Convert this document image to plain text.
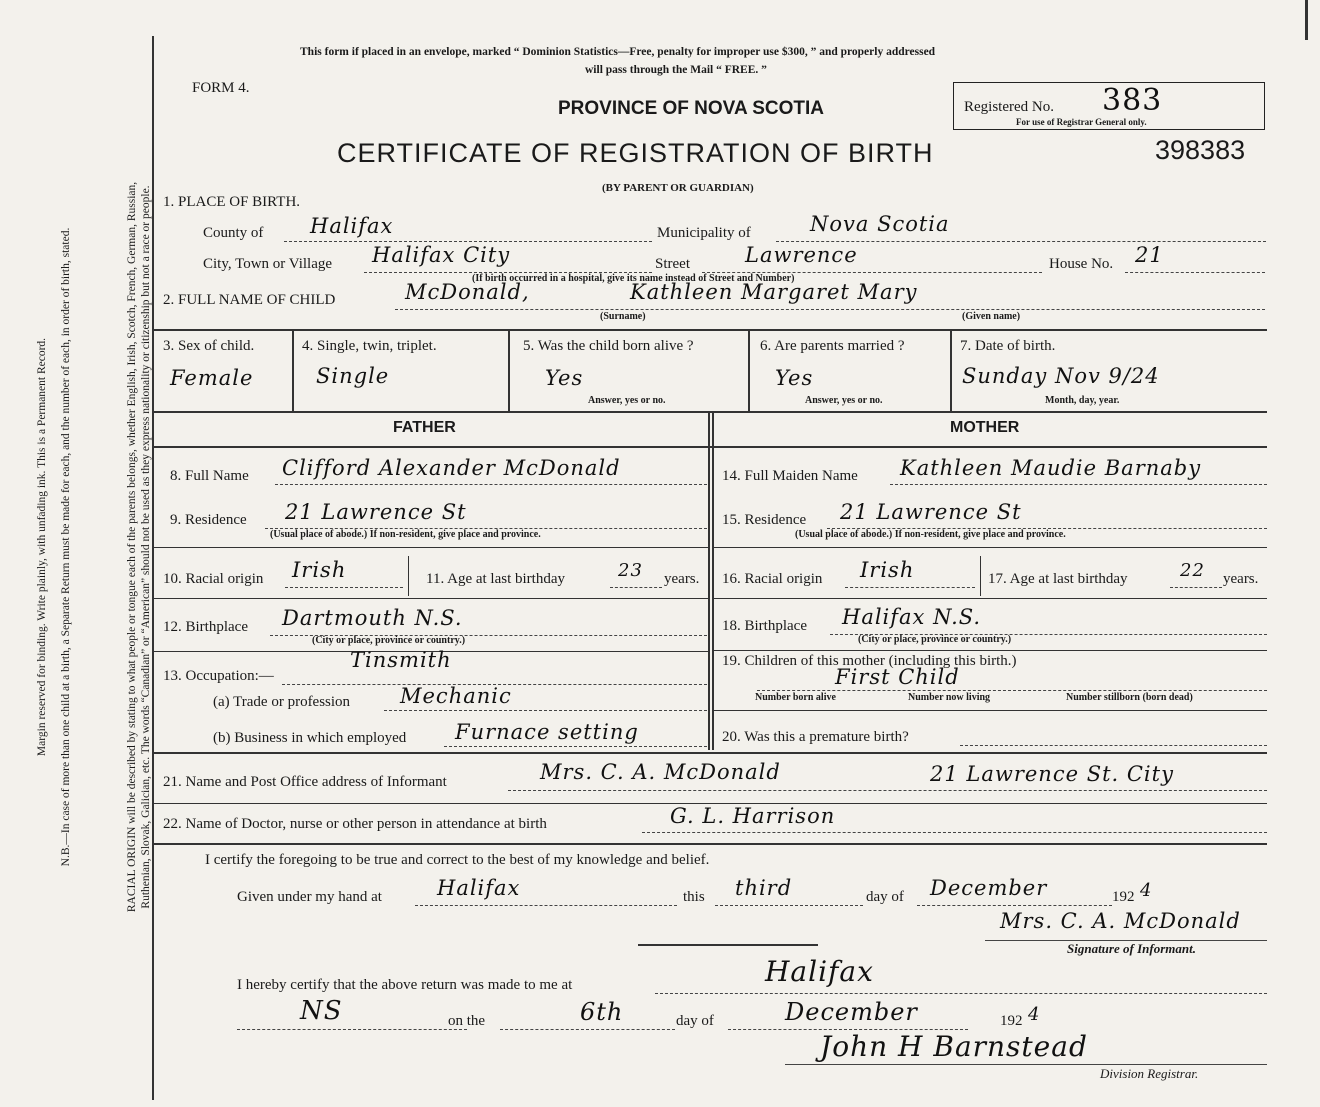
Margin reserved for binding. Write plainly, with unfading ink. This is a Permanent Record. N.B.—In case of more than one child at a birth, a Separate Return must be made for each, and the number of each, in order of birth, stated.	RACIAL ORIGIN will be described by stating to what people or tongue each of the parents belongs, whether English, Irish, Scotch, French, German, Russian, Ruthenian, Slovak, Galician, etc. The words “Canadian” or “American” should not be used as they express nationality or citizenship but not a race or people.
This form if placed in an envelope, marked “ Dominion Statistics—Free, penalty for improper use $300, ” and properly addressed
will pass through the Mail “ FREE. ”
FORM 4.
PROVINCE OF NOVA SCOTIA
CERTIFICATE OF REGISTRATION OF BIRTH
(BY PARENT OR GUARDIAN)
Registered No. 383
For use of Registrar General only.
398383
1. PLACE OF BIRTH.
County of Halifax	Municipality of	Nova Scotia
City, Town or Village Halifax City	Street	Lawrence	House No. 21
(If birth occurred in a hospital, give its name instead of Street and Number)
2. FULL NAME OF CHILD	McDonald,	Kathleen Margaret Mary
(Surname)	(Given name)
3. Sex of child.
Female
4. Single, twin, triplet.
Single
5. Was the child born alive ?
Yes
Answer, yes or no.
6. Are parents married ?
Yes
Answer, yes or no.
7. Date of birth.
Sunday Nov 9/24
Month, day, year.
FATHER	MOTHER
8. Full Name Clifford Alexander McDonald
9. Residence 21 Lawrence St
(Usual place of abode.) If non-resident, give place and province.
10. Racial origin Irish	11. Age at last birthday	23 years.
12. Birthplace Dartmouth N.S.
(City or place, province or country.)
13. Occupation:—
Tinsmith
(a) Trade or profession Mechanic
(b) Business in which employed Furnace setting
14. Full Maiden Name Kathleen Maudie Barnaby
15. Residence 21 Lawrence St
(Usual place of abode.) If non-resident, give place and province.
16. Racial origin Irish	17. Age at last birthday	22 years.
18. Birthplace Halifax N.S.
(City or place, province or country.)
19. Children of this mother (including this birth.)
First Child
Number born alive	Number now living	Number stillborn (born dead)
20. Was this a premature birth?
21. Name and Post Office address of Informant	Mrs. C. A. McDonald	21 Lawrence St. City
22. Name of Doctor, nurse or other person in attendance at birth	G. L. Harrison
I certify the foregoing to be true and correct to the best of my knowledge and belief.
Given under my hand at	Halifax	this third	day of December	192 4
Mrs. C. A. McDonald
Signature of Informant.
I hereby certify that the above return was made to me at	Halifax
NS	on the	6th	day of	December	192 4
John H Barnstead
Division Registrar.
